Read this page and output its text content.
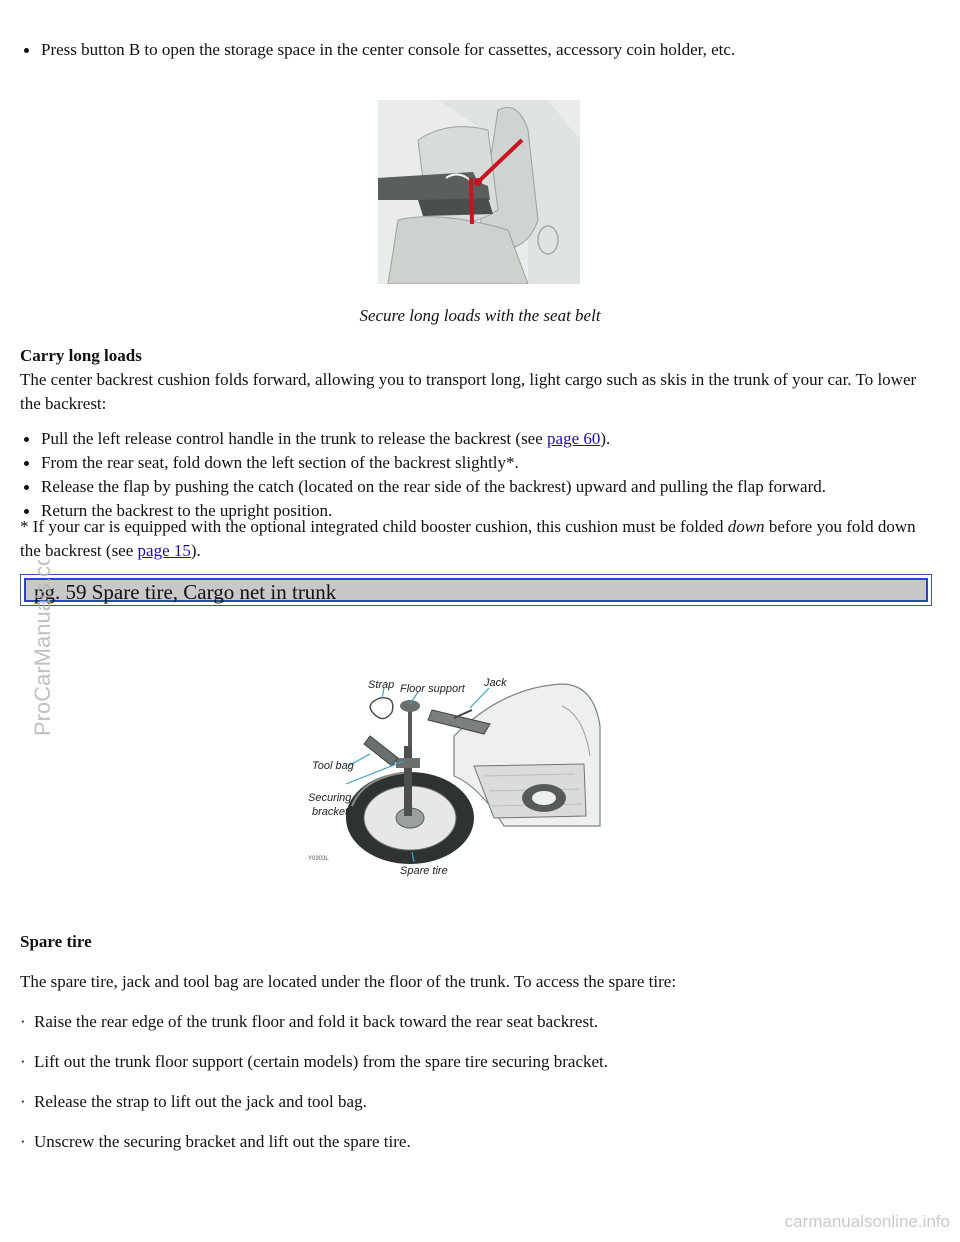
Press button B to open the storage space in the center console for cassettes, accessory coin holder, etc.
Secure long loads with the seat belt
Carry long loads
The center backrest cushion folds forward, allowing you to transport long, light cargo such as skis in the trunk of your car. To lower the backrest:
Pull the left release control handle in the trunk to release the backrest (see page 60).
From the rear seat, fold down the left section of the backrest slightly*.
Release the flap by pushing the catch (located on the rear side of the backrest) upward and pulling the flap forward.
Return the backrest to the upright position.
* If your car is equipped with the optional integrated child booster cushion, this cushion must be folded down before you fold down the backrest (see page 15).
pg. 59 Spare tire, Cargo net in trunk
Strap Floor support Jack
Tool bag
Securing
bracket
Spare tire
Y0303L
Spare tire
The spare tire, jack and tool bag are located under the floor of the trunk. To access the spare tire:
· Raise the rear edge of the trunk floor and fold it back toward the rear seat backrest.
· Lift out the trunk floor support (certain models) from the spare tire securing bracket.
· Release the strap to lift out the jack and tool bag.
· Unscrew the securing bracket and lift out the spare tire.
ProCarManuals.com
carmanualsonline.info
